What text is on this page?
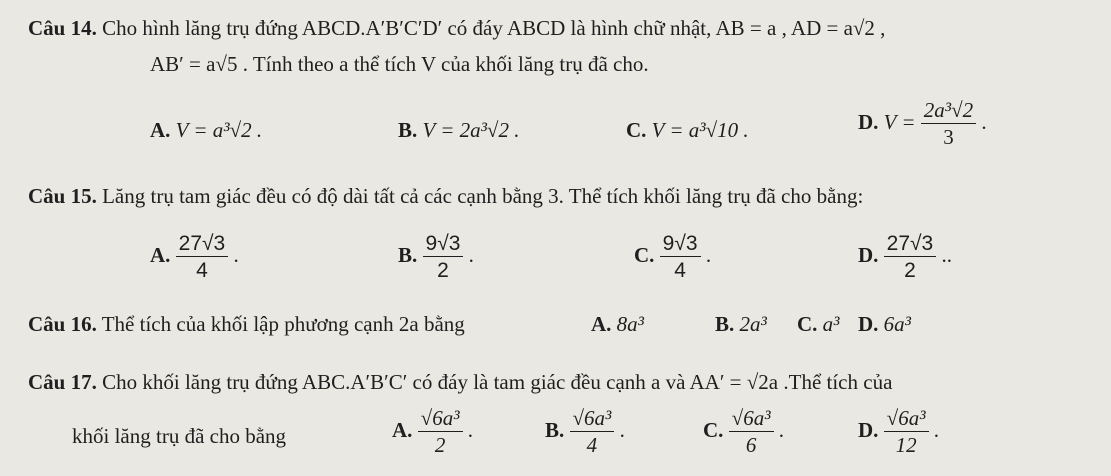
Câu 14. Cho hình lăng trụ đứng ABCD.A′B′C′D′ có đáy ABCD là hình chữ nhật, AB = a , AD = a√2 ,
AB′ = a√5 . Tính theo a thể tích V của khối lăng trụ đã cho.
A. V = a³√2 .	B. V = 2a³√2 .	C. V = a³√10 .	D. $V = \frac{\text{2a³√2}}{3}$ .
Câu 15. Lăng trụ tam giác đều có độ dài tất cả các cạnh bằng 3. Thể tích khối lăng trụ đã cho bằng:
A. $\frac{27√3}{4}$ .	B. $\frac{9√3}{2}$ .	C. $\frac{9√3}{4}$ .	D. $\frac{27√3}{2}$ ..
Câu 16. Thể tích của khối lập phương cạnh 2a bằng	A. 8a³	B. 2a³ C. a³ D. 6a³
Câu 17. Cho khối lăng trụ đứng ABC.A′B′C′ có đáy là tam giác đều cạnh a và AA′ = √2a .Thể tích của
khối lăng trụ đã cho bằng	A. $\frac{\text{√6a³}}{2}$ .	B. $\frac{\text{√6a³}}{4}$ .	C. $\frac{\text{√6a³}}{6}$ .	D. $\frac{\text{√6a³}}{12}$ .
